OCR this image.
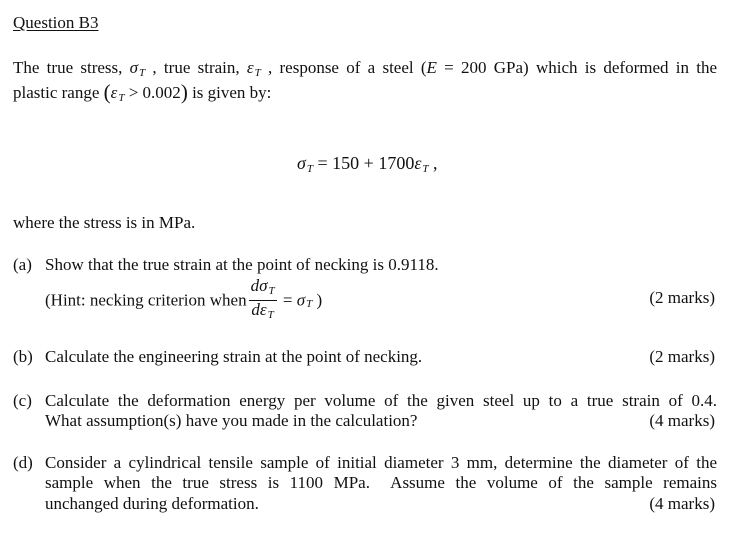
Question B3
The true stress, $\sigma_T$ , true strain, $\varepsilon_T$ , response of a steel (E = 200 GPa) which is deformed in the
plastic range $(\varepsilon_T > 0.002)$ is given by:
$\sigma_T = 150 + 1700\varepsilon_T$ ,
where the stress is in MPa.
(a) Show that the true strain at the point of necking is 0.9118.
(Hint: necking criterion when $\frac{d\sigma_T}{d\varepsilon_T} = \sigma_T$ )	(2 marks)
(b) Calculate the engineering strain at the point of necking.	(2 marks)
(c) Calculate the deformation energy per volume of the given steel up to a true strain of 0.4.
What assumption(s) have you made in the calculation?	(4 marks)
(d) Consider a cylindrical tensile sample of initial diameter 3 mm, determine the diameter of the
sample when the true stress is 1100 MPa.  Assume the volume of the sample remains
unchanged during deformation.	(4 marks)
